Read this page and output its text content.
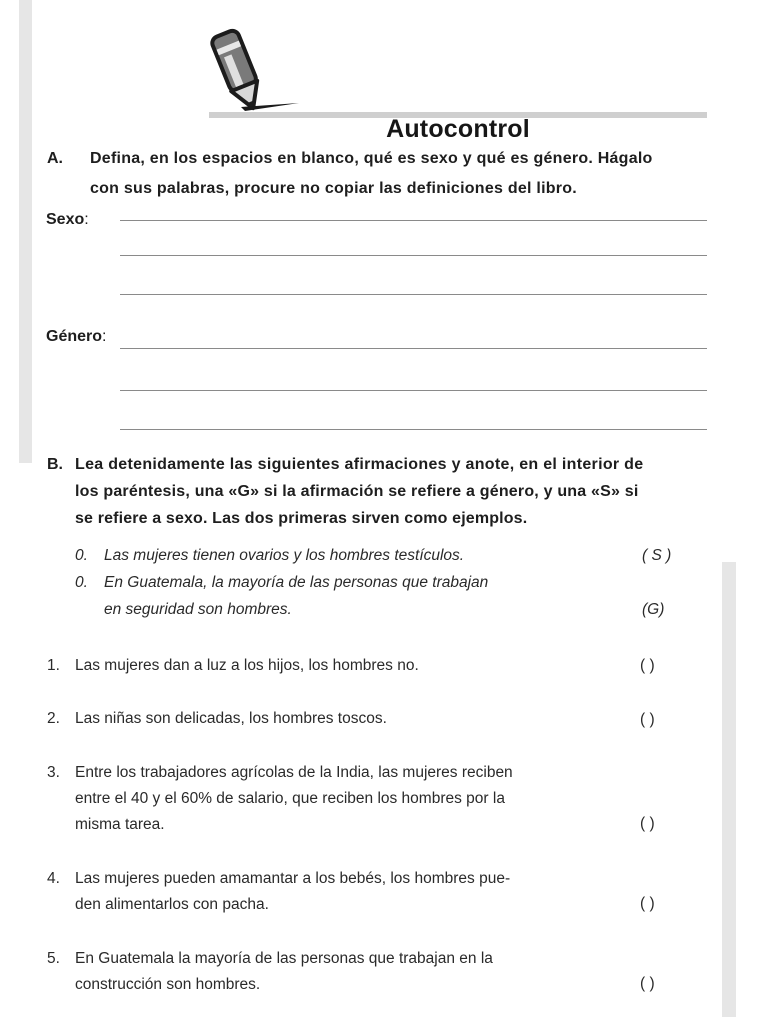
Autocontrol
A. Defina, en los espacios en blanco, qué es sexo y qué es género. Hágalo
con sus palabras, procure no copiar las definiciones del libro.
Sexo:
Género:
B. Lea detenidamente las siguientes afirmaciones y anote, en el interior de
los paréntesis, una «G» si la afirmación se refiere a género, y una «S» si
se refiere a sexo. Las dos primeras sirven como ejemplos.
0. Las mujeres tienen ovarios y los hombres testículos.	( S )
0. En Guatemala, la mayoría de las personas que trabajan
en seguridad son hombres.	(G)
1. Las mujeres dan a luz a los hijos, los hombres no.	( )
2. Las niñas son delicadas, los hombres toscos.	( )
3. Entre los trabajadores agrícolas de la India, las mujeres reciben
entre el 40 y el 60% de salario, que reciben los hombres por la
misma tarea.	( )
4. Las mujeres pueden amamantar a los bebés, los hombres pue-
den alimentarlos con pacha.	( )
5. En Guatemala la mayoría de las personas que trabajan en la
construcción son hombres.	( )
